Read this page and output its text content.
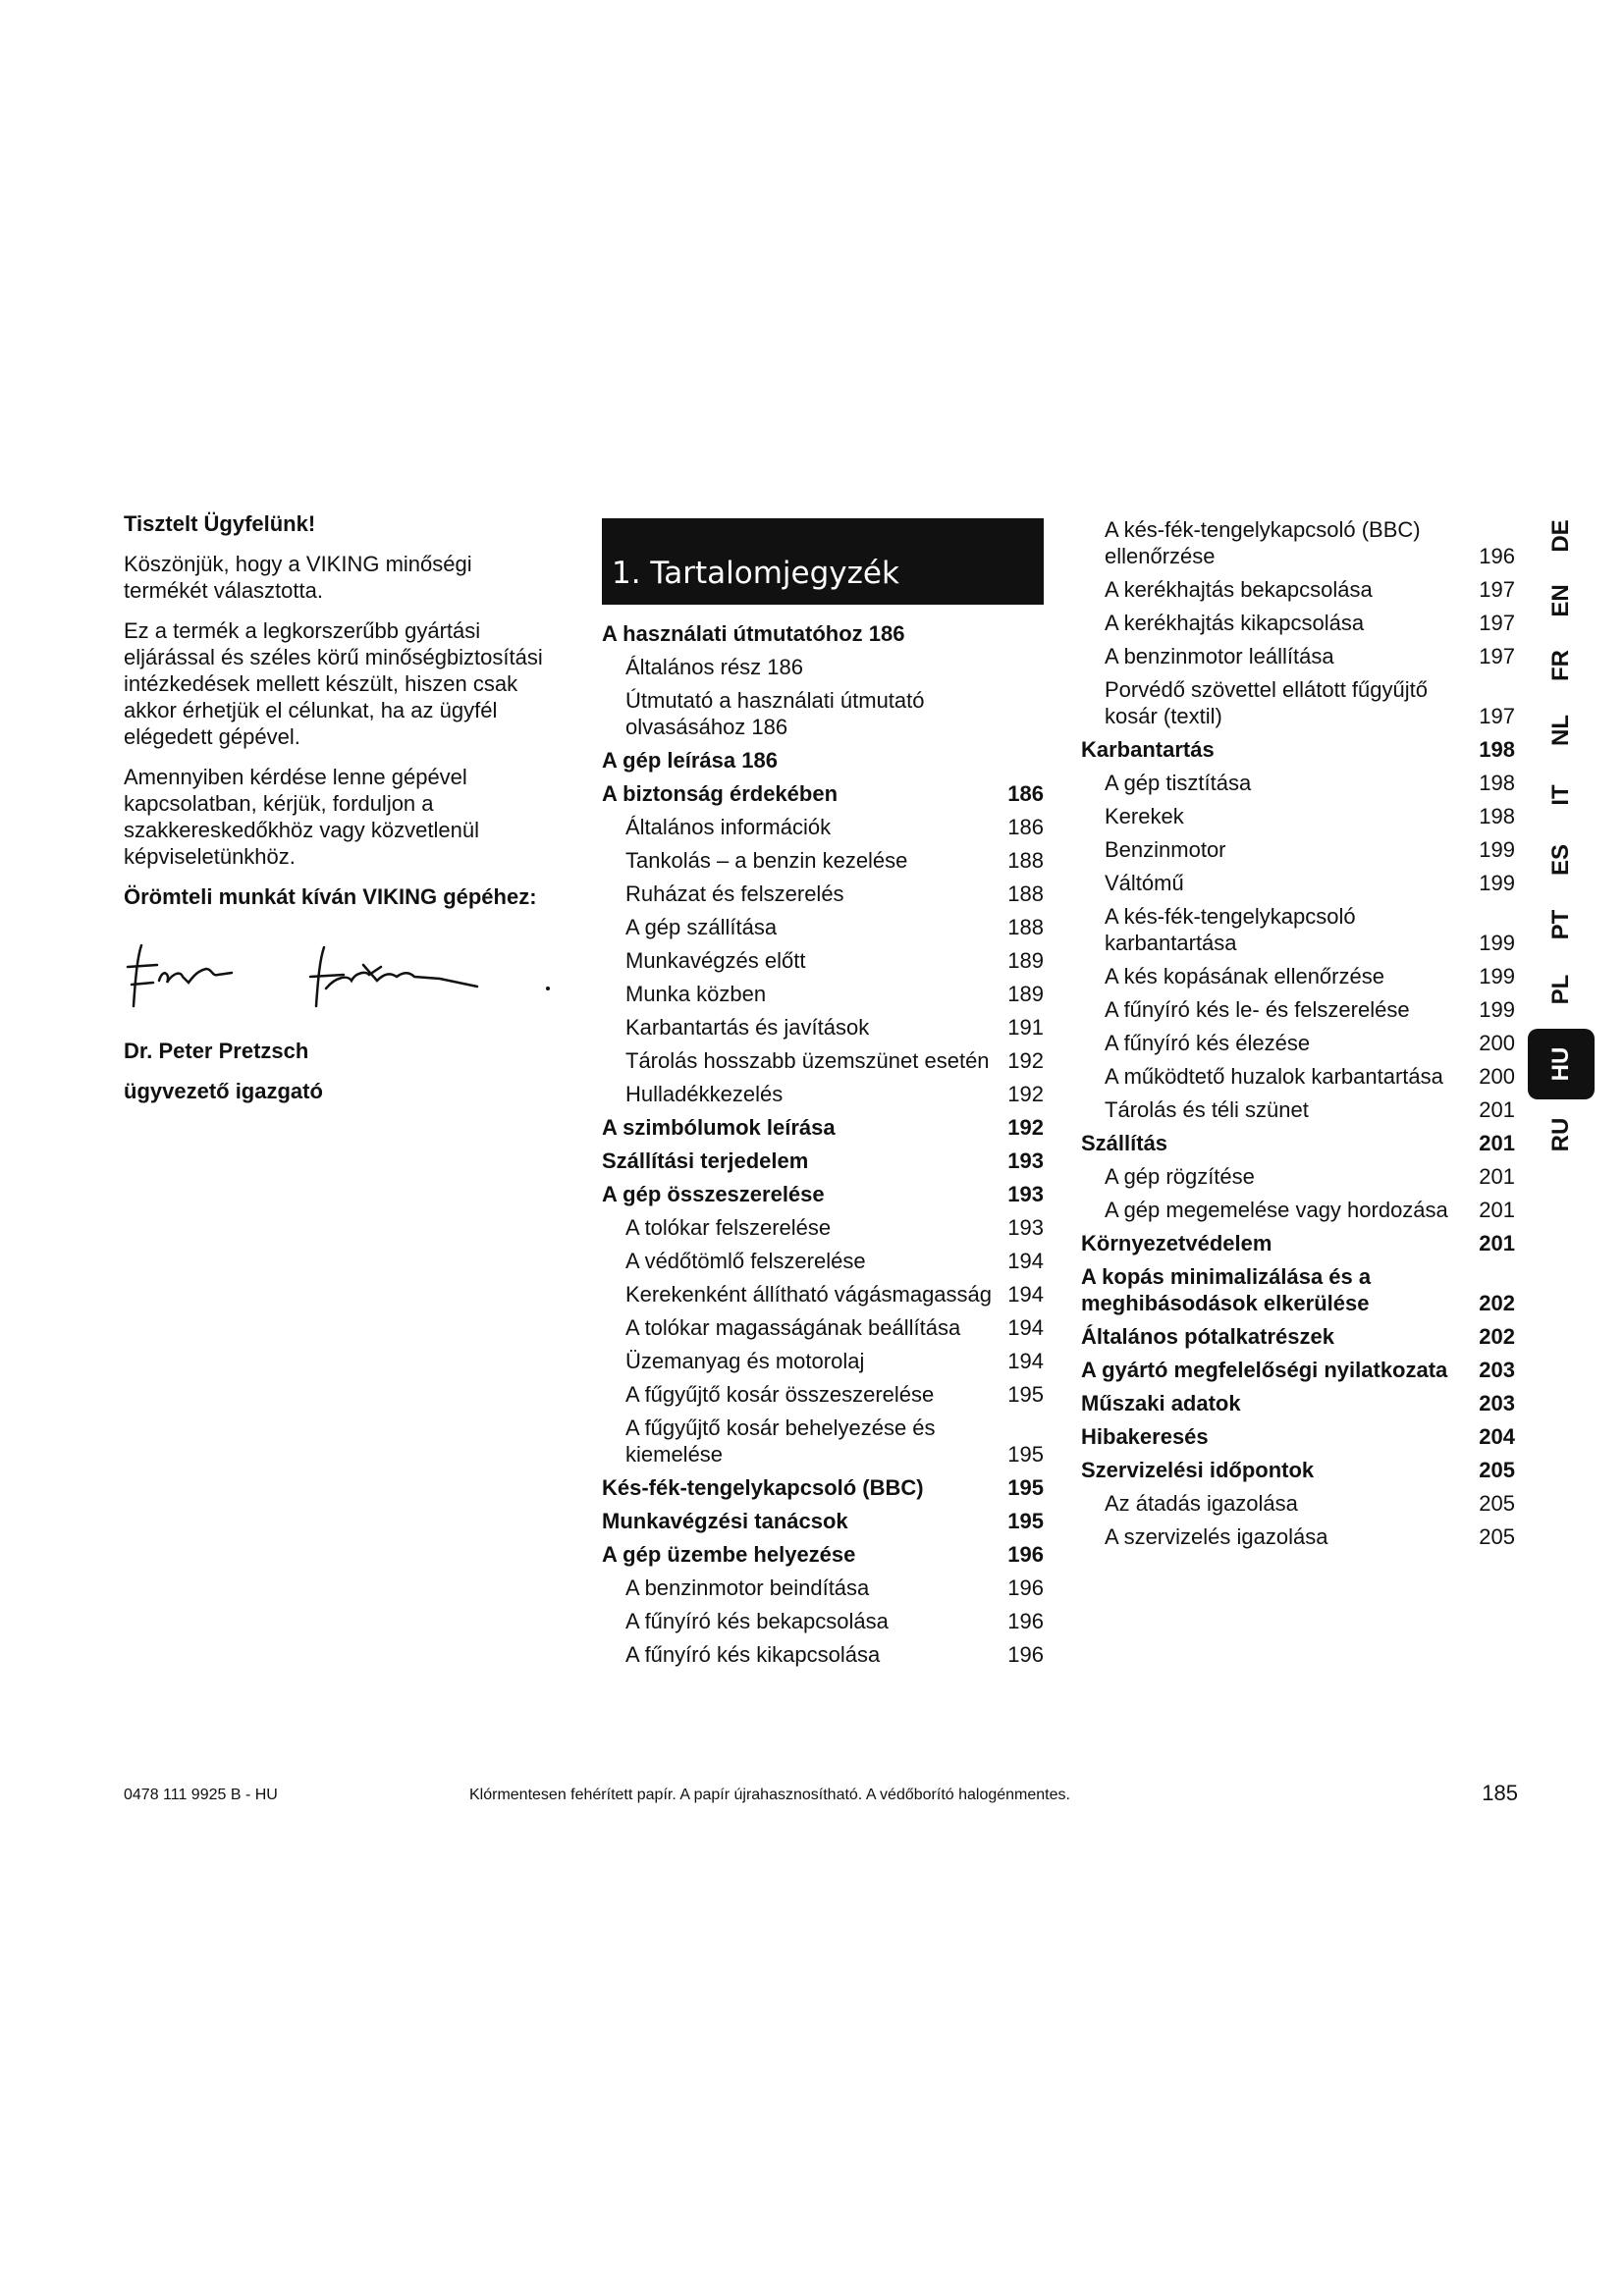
Tisztelt Ügyfelünk!

Köszönjük, hogy a VIKING minőségi termékét választotta.

Ez a termék a legkorszerűbb gyártási eljárással és széles körű minőségbiztosítási intézkedések mellett készült, hiszen csak akkor érhetjük el célunkat, ha az ügyfél elégedett gépével.

Amennyiben kérdése lenne gépével kapcsolatban, kérjük, forduljon a szakkereskedőkhöz vagy közvetlenül képviseletünkhöz.

Örömteli munkát kíván VIKING gépéhez:

Dr. Peter Pretzsch

ügyvezető igazgató

1. Tartalomjegyzék
A használati útmutatóhoz 186
Általános rész 186
Útmutató a használati útmutató olvasásához 186
A gép leírása 186
A biztonság érdekében	186
Általános információk	186
Tankolás – a benzin kezelése	188
Ruházat és felszerelés	188
A gép szállítása	188
Munkavégzés előtt	189
Munka közben	189
Karbantartás és javítások	191
Tárolás hosszabb üzemszünet esetén 192
Hulladékkezelés	192
A szimbólumok leírása	192
Szállítási terjedelem	193
A gép összeszerelése	193
A tolókar felszerelése	193
A védőtömlő felszerelése	194
Kerekenként állítható vágásmagasság 194
A tolókar magasságának beállítása	194
Üzemanyag és motorolaj	194
A fűgyűjtő kosár összeszerelése	195
A fűgyűjtő kosár behelyezése és kiemelése	195
Kés-fék-tengelykapcsoló (BBC)	195
Munkavégzési tanácsok	195
A gép üzembe helyezése	196
A benzinmotor beindítása	196
A fűnyíró kés bekapcsolása	196
A fűnyíró kés kikapcsolása	196
A kés-fék-tengelykapcsoló (BBC) ellenőrzése	196
A kerékhajtás bekapcsolása	197
A kerékhajtás kikapcsolása	197
A benzinmotor leállítása	197
Porvédő szövettel ellátott fűgyűjtő kosár (textil)	197
Karbantartás	198
A gép tisztítása	198
Kerekek	198
Benzinmotor	199
Váltómű	199
A kés-fék-tengelykapcsoló karbantartása	199
A kés kopásának ellenőrzése	199
A fűnyíró kés le- és felszerelése	199
A fűnyíró kés élezése	200
A működtető huzalok karbantartása	200
Tárolás és téli szünet	201
Szállítás	201
A gép rögzítése	201
A gép megemelése vagy hordozása	201
Környezetvédelem	201
A kopás minimalizálása és a meghibásodások elkerülése	202
Általános pótalkatrészek	202
A gyártó megfelelőségi nyilatkozata	203
Műszaki adatok	203
Hibakeresés	204
Szervizelési időpontok	205
Az átadás igazolása	205
A szervizelés igazolása	205
DE
EN
FR
NL
IT
ES
PT
PL
HU
RU
0478 111 9925 B - HU	Klórmentesen fehérített papír. A papír újrahasznosítható. A védőborító halogénmentes.	185
